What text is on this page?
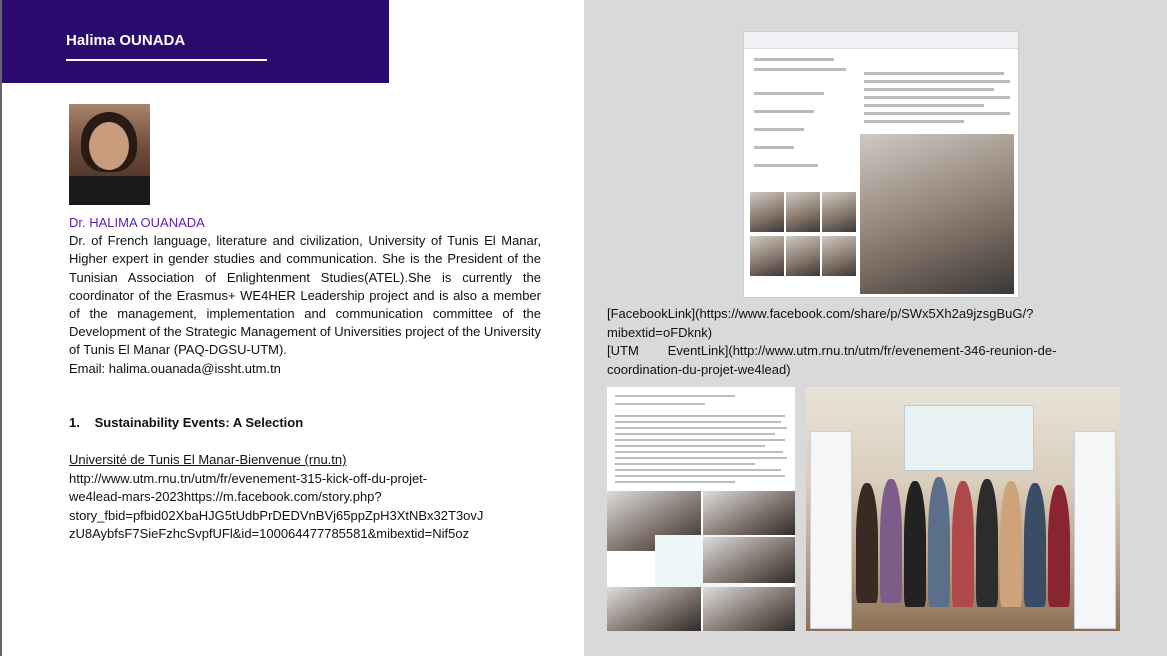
Halima OUNADA

Dr. HALIMA OUANADA

Dr. of French language, literature and civilization, University of Tunis El Manar, Higher expert in gender studies and communication. She is the President of the Tunisian Association of Enlightenment Studies(ATEL).She is currently the coordinator of the Erasmus+ WE4HER Leadership project and is also a member of the management, implementation and communication committee of the Development of the Strategic Management of Universities project of the University of Tunis El Manar (PAQ-DGSU-UTM).

Email: halima.ouanada@issht.utm.tn

1. Sustainability Events: A Selection
Université de Tunis El Manar-Bienvenue (rnu.tn)
http://www.utm.rnu.tn/utm/fr/evenement-315-kick-off-du-projet-
we4lead-mars-2023https://m.facebook.com/story.php?
story_fbid=pfbid02XbaHJG5tUdbPrDEDVnBVj65ppZpH3XtNBx32T3ovJ
zU8AybfsF7SieFzhcSvpfUFl&id=100064477785581&mibextid=Nif5oz
[FacebookLink](https://www.facebook.com/share/p/SWx5Xh2a9jzsgBuG/?
mibextid=oFDknk)
[UTM        EventLink](http://www.utm.rnu.tn/utm/fr/evenement-346-reunion-de-
coordination-du-projet-we4lead)
